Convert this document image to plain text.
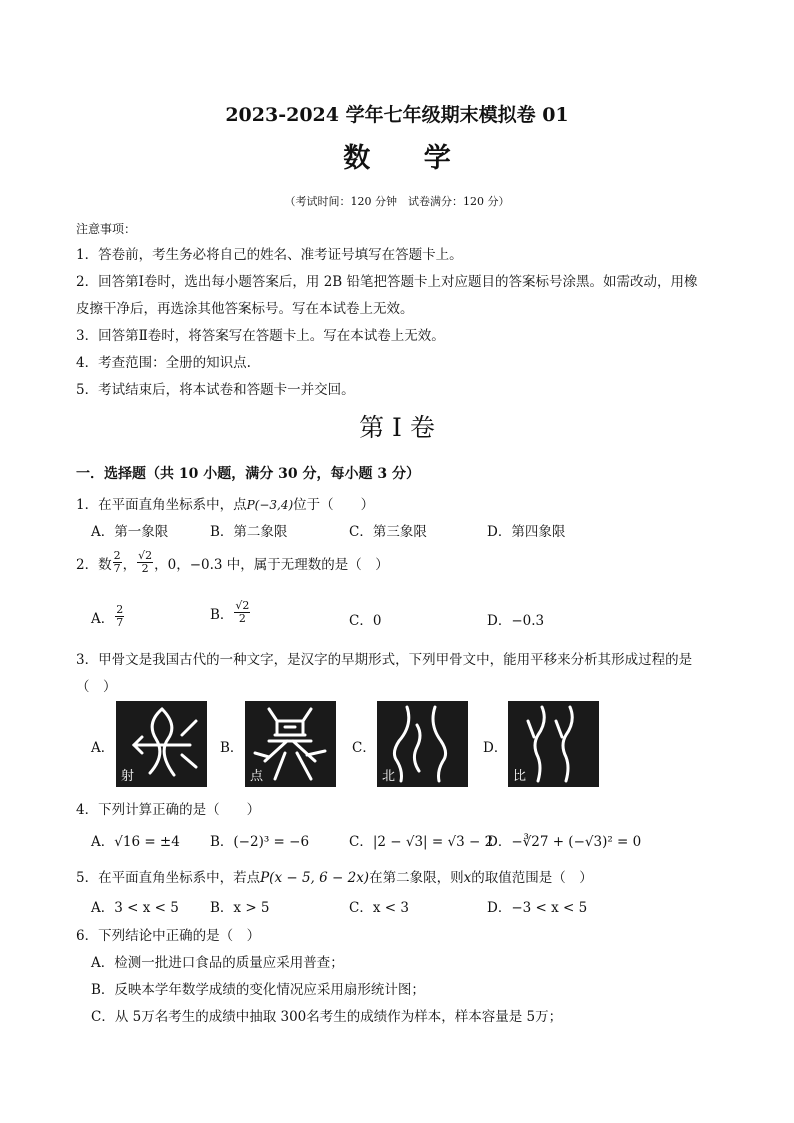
2023-2024 学年七年级期末模拟卷 01
数 学
（考试时间：120 分钟　试卷满分：120 分）
注意事项：
1．答卷前，考生务必将自己的姓名、准考证号填写在答题卡上。
2．回答第Ⅰ卷时，选出每小题答案后，用 2B 铅笔把答题卡上对应题目的答案标号涂黑。如需改动，用橡
皮擦干净后，再选涂其他答案标号。写在本试卷上无效。
3．回答第Ⅱ卷时，将答案写在答题卡上。写在本试卷上无效。
4．考查范围：全册的知识点.
5．考试结束后，将本试卷和答题卡一并交回。
第 I 卷
一．选择题（共 10 小题，满分 30 分，每小题 3 分）
1．在平面直角坐标系中，点P(−3,4)位于（　　）
A．第一象限	B．第二象限	C．第三象限	D．第四象限
2．数 $\frac{2}{7}$ ， $\frac{√2}{2}$ ，0，−0.3 中，属于无理数的是（　）
A． $\frac{2}{7}$	B． $\frac{√2}{2}$	C．0	D．−0.3
3．甲骨文是我国古代的一种文字，是汉字的早期形式，下列甲骨文中，能用平移来分析其形成过程的是
（　）
A．
射
B．
点
C．
北
D．
比
4．下列计算正确的是（　　）
A．√16 = ±4 B．(−2)³ = −6	C．|2 − √3| = √3 − 2
D．−∛27 + (−√3)² = 0
5．在平面直角坐标系中，若点P(x − 5, 6 − 2x)在第二象限，则x的取值范围是（　）
A．3 < x < 5 B．x > 5	C．x < 3	D．−3 < x < 5
6．下列结论中正确的是（　）
A．检测一批进口食品的质量应采用普查；
B．反映本学年数学成绩的变化情况应采用扇形统计图；
C．从 5万名考生的成绩中抽取 300名考生的成绩作为样本，样本容量是 5万；
